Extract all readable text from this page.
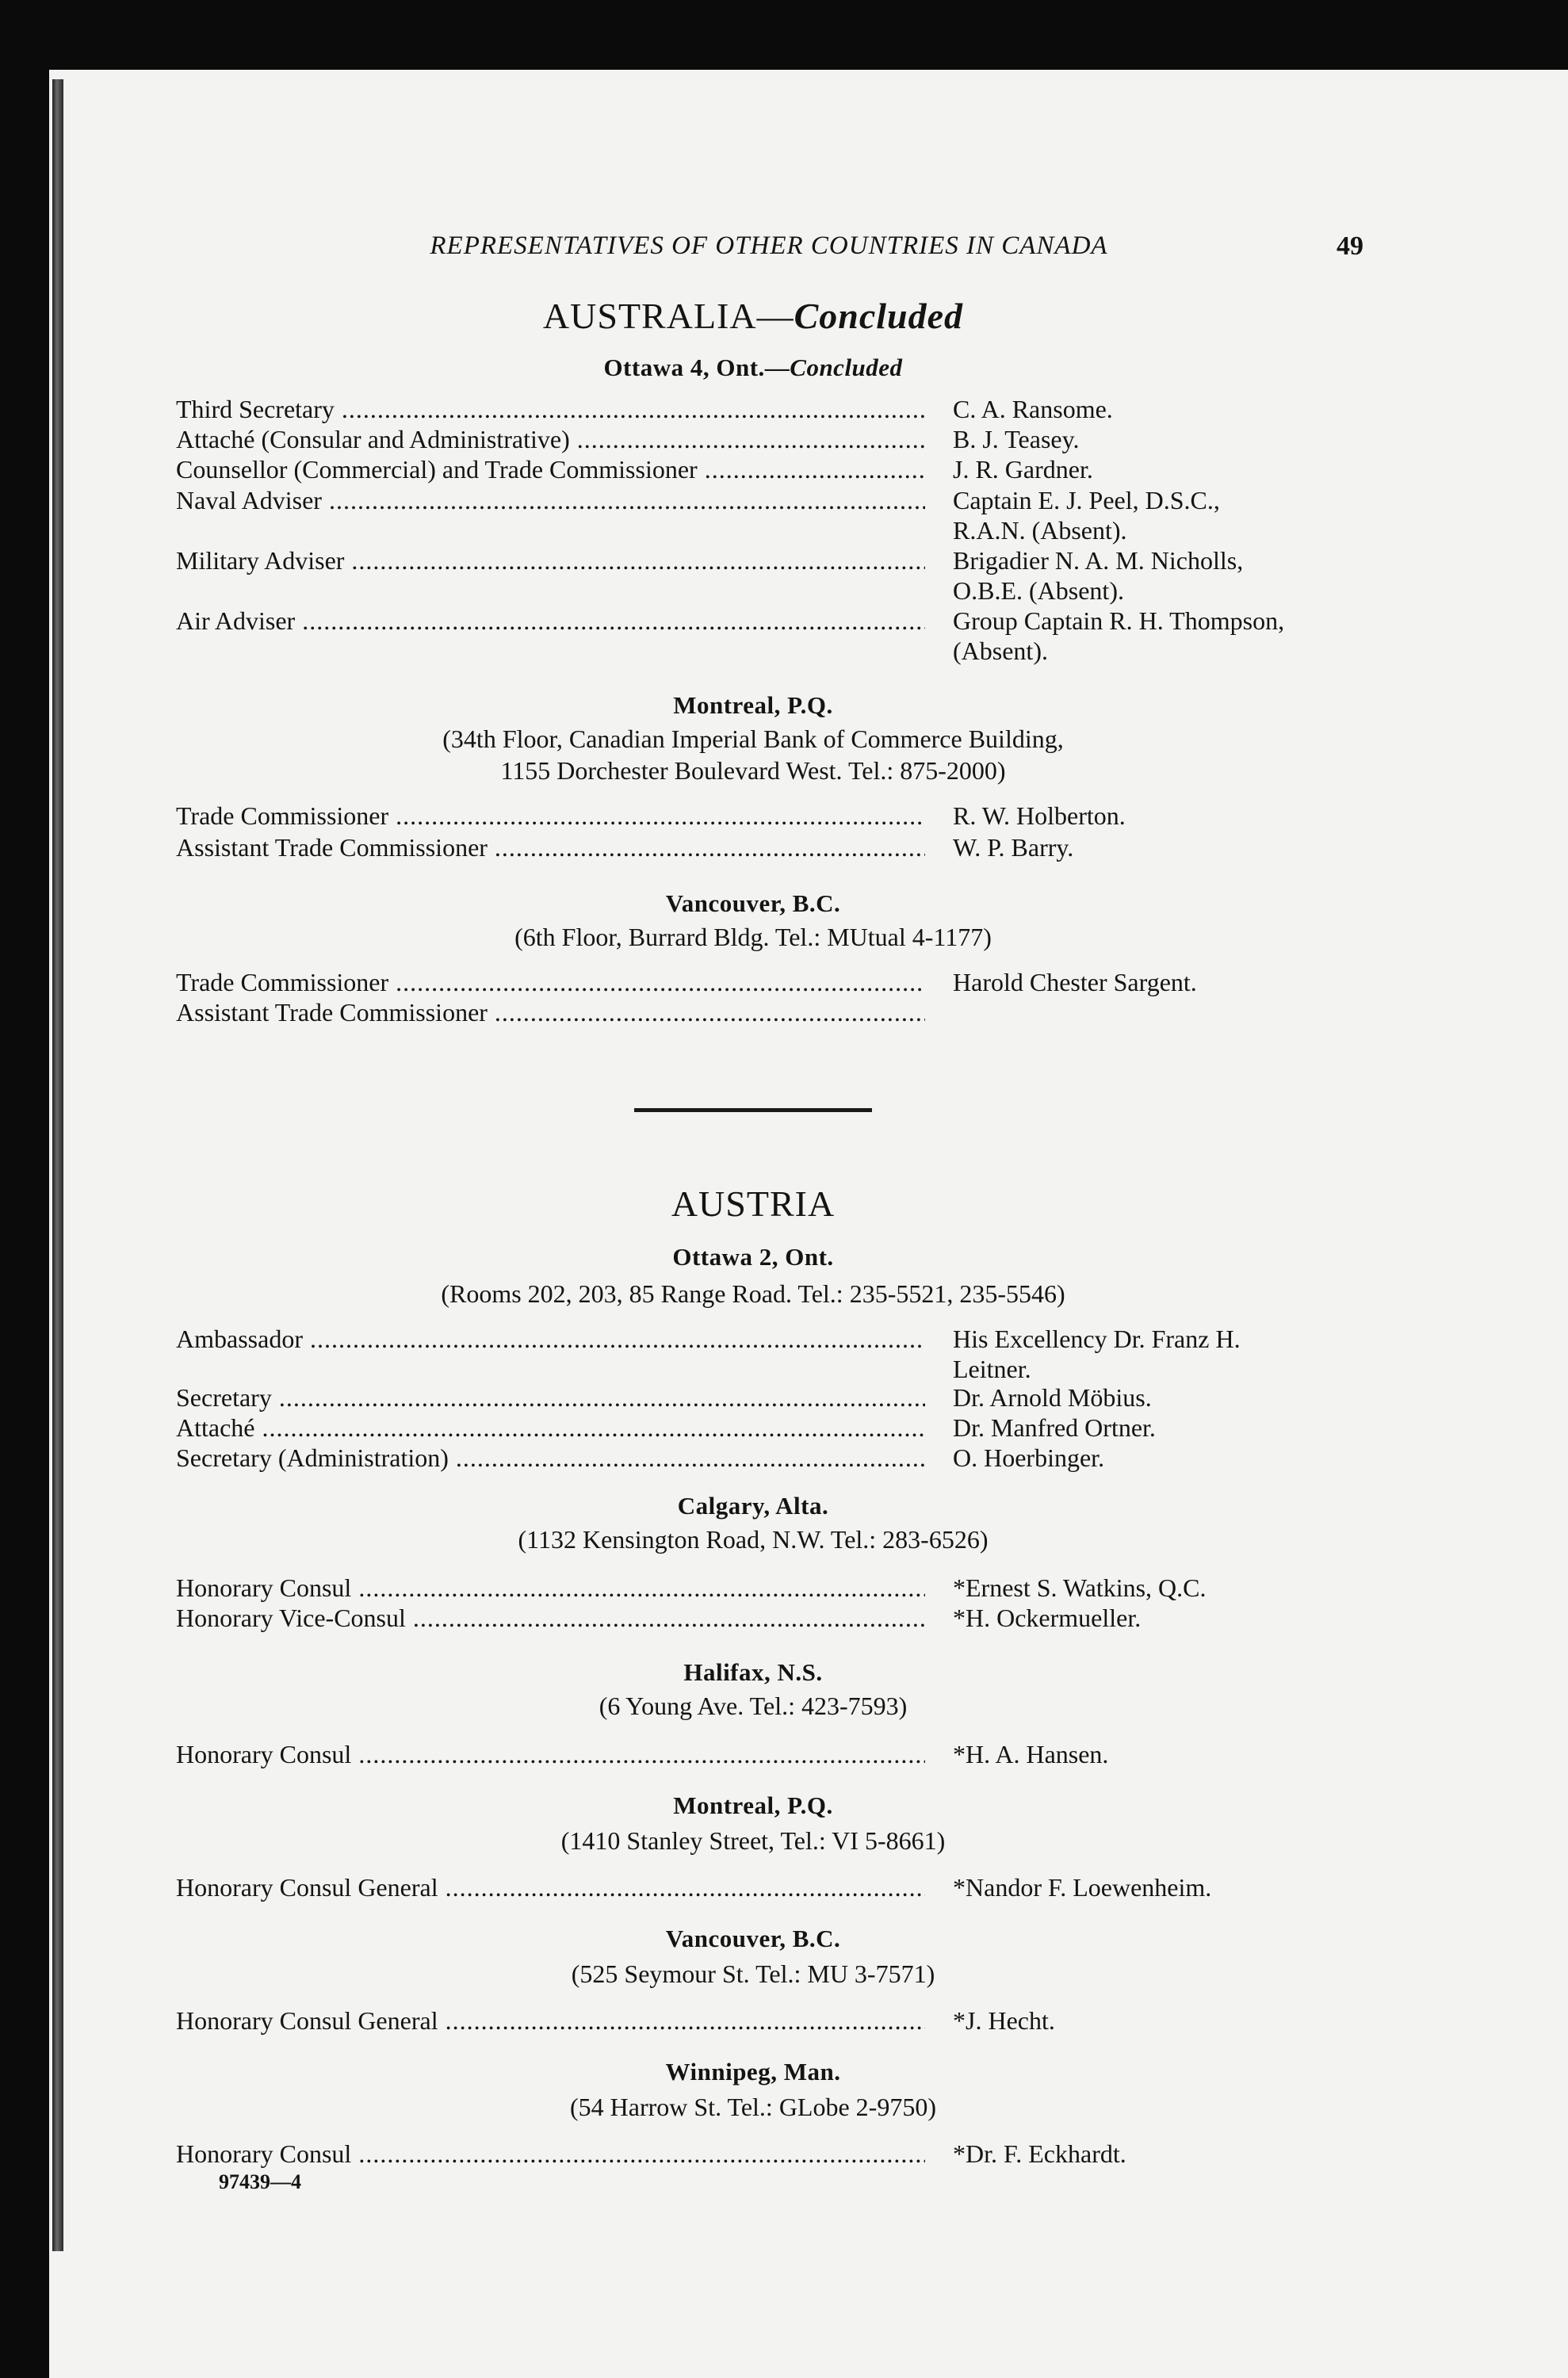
REPRESENTATIVES OF OTHER COUNTRIES IN CANADA	49
AUSTRALIA—Concluded
Ottawa 4, Ont.—Concluded
Third Secretary .....	C. A. Ransome.
Attaché (Consular and Administrative) .....	B. J. Teasey.
Counsellor (Commercial) and Trade Commissioner .....	J. R. Gardner.
Naval Adviser .....	Captain E. J. Peel, D.S.C.,
R.A.N. (Absent).
Military Adviser .....	Brigadier N. A. M. Nicholls,
O.B.E. (Absent).
Air Adviser .....	Group Captain R. H. Thompson,
(Absent).
Montreal, P.Q.
(34th Floor, Canadian Imperial Bank of Commerce Building,
1155 Dorchester Boulevard West. Tel.: 875-2000)
Trade Commissioner .....	R. W. Holberton.
Assistant Trade Commissioner .....	W. P. Barry.
Vancouver, B.C.
(6th Floor, Burrard Bldg. Tel.: MUtual 4-1177)
Trade Commissioner .....	Harold Chester Sargent.
Assistant Trade Commissioner .....
AUSTRIA
Ottawa 2, Ont.
(Rooms 202, 203, 85 Range Road. Tel.: 235-5521, 235-5546)
Ambassador .....	His Excellency Dr. Franz H.
Leitner.
Secretary .....	Dr. Arnold Möbius.
Attaché .....	Dr. Manfred Ortner.
Secretary (Administration) .....	O. Hoerbinger.
Calgary, Alta.
(1132 Kensington Road, N.W. Tel.: 283-6526)
Honorary Consul .....	*Ernest S. Watkins, Q.C.
Honorary Vice-Consul .....	*H. Ockermueller.
Halifax, N.S.
(6 Young Ave. Tel.: 423-7593)
Honorary Consul .....	*H. A. Hansen.
Montreal, P.Q.
(1410 Stanley Street, Tel.: VI 5-8661)
Honorary Consul General .....	*Nandor F. Loewenheim.
Vancouver, B.C.
(525 Seymour St. Tel.: MU 3-7571)
Honorary Consul General .....	*J. Hecht.
Winnipeg, Man.
(54 Harrow St. Tel.: GLobe 2-9750)
Honorary Consul .....	*Dr. F. Eckhardt.
97439—4
